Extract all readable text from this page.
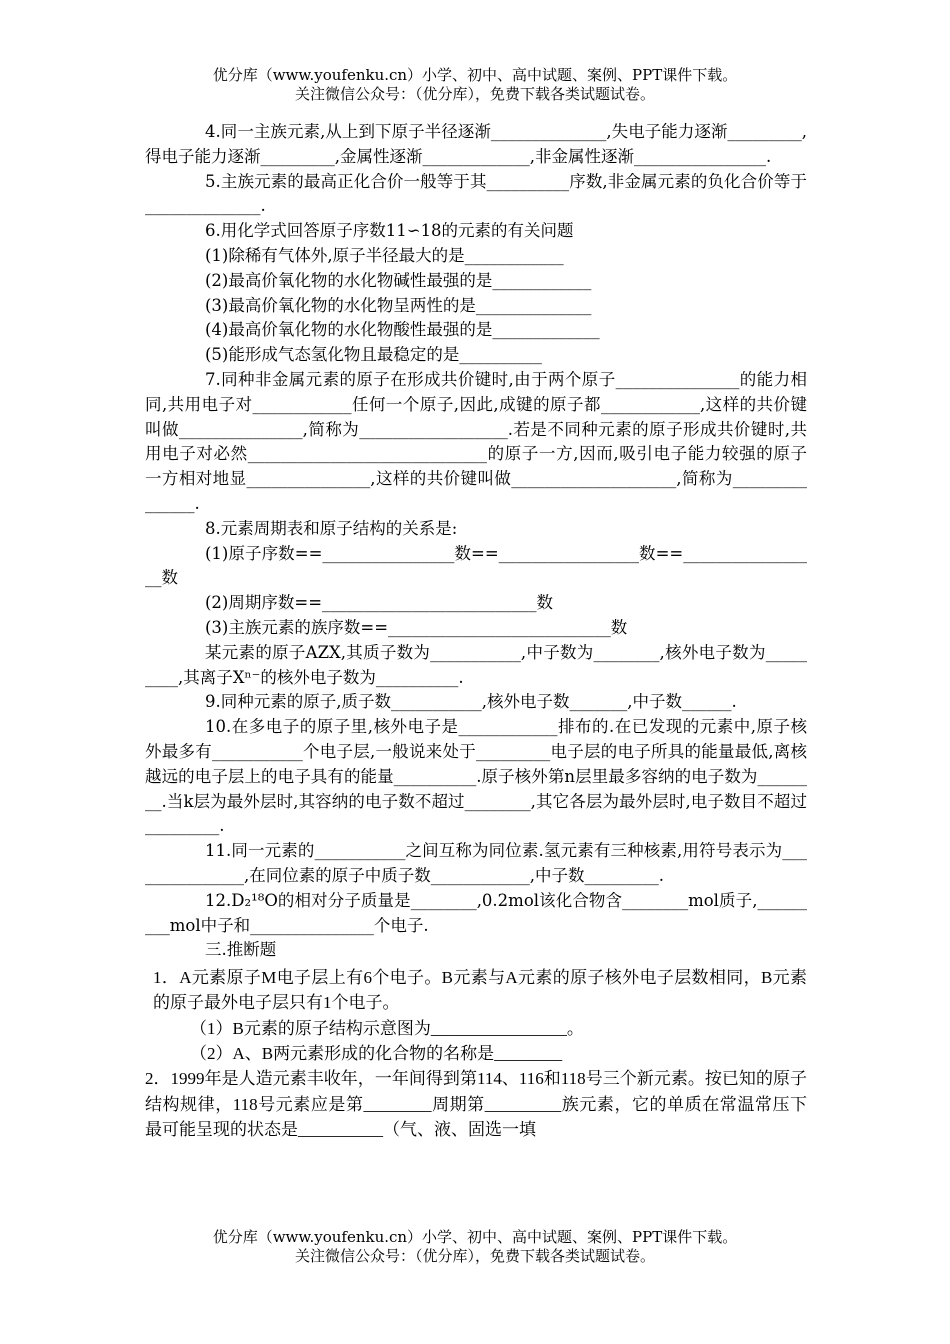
优分库（www.youfenku.cn）小学、初中、高中试题、案例、PPT课件下载。
关注微信公众号：（优分库），免费下载各类试题试卷。

4.同一主族元素,从上到下原子半径逐渐______________,失电子能力逐渐_________,得电子能力逐渐_________,金属性逐渐_____________,非金属性逐渐________________.

5.主族元素的最高正化合价一般等于其__________序数,非金属元素的负化合价等于______________.

6.用化学式回答原子序数11∽18的元素的有关问题

(1)除稀有气体外,原子半径最大的是____________

(2)最高价氧化物的水化物碱性最强的是____________

(3)最高价氧化物的水化物呈两性的是______________

(4)最高价氧化物的水化物酸性最强的是_____________

(5)能形成气态氢化物且最稳定的是__________

7.同种非金属元素的原子在形成共价键时,由于两个原子_______________的能力相同,共用电子对____________任何一个原子,因此,成键的原子都____________,这样的共价键叫做_______________,简称为__________________.若是不同种元素的原子形成共价键时,共用电子对必然_____________________________的原子一方,因而,吸引电子能力较强的原子一方相对地显_______________,这样的共价键叫做____________________,简称为_______________.

8.元素周期表和原子结构的关系是:

(1)原子序数==________________数==_________________数==_________________数

(2)周期序数==__________________________数

(3)主族元素的族序数==___________________________数

某元素的原子AZX,其质子数为___________,中子数为________,核外电子数为_________,其离子Xⁿ⁻的核外电子数为__________.

9.同种元素的原子,质子数___________,核外电子数_______,中子数______.

10.在多电子的原子里,核外电子是____________排布的.在已发现的元素中,原子核外最多有___________个电子层,一般说来处于_________电子层的电子所具的能量最低,离核越远的电子层上的电子具有的能量__________.原子核外第n层里最多容纳的电子数为________.当k层为最外层时,其容纳的电子数不超过________,其它各层为最外层时,电子数目不超过_________.

11.同一元素的___________之间互称为同位素.氢元素有三种核素,用符号表示为_______________,在同位素的原子中质子数____________,中子数_________.

12.D₂¹⁸O的相对分子质量是________,0.2mol该化合物含________mol质子,_________mol中子和_______________个电子.

三.推断题

1．A元素原子M电子层上有6个电子。B元素与A元素的原子核外电子层数相同，B元素的原子最外电子层只有1个电子。

（1）B元素的原子结构示意图为________________。

（2）A、B两元素形成的化合物的名称是________

2．1999年是人造元素丰收年，一年间得到第114、116和118号三个新元素。按已知的原子结构规律，118号元素应是第________周期第_________族元素，它的单质在常温常压下最可能呈现的状态是__________（气、液、固选一填

优分库（www.youfenku.cn）小学、初中、高中试题、案例、PPT课件下载。
关注微信公众号：（优分库），免费下载各类试题试卷。
